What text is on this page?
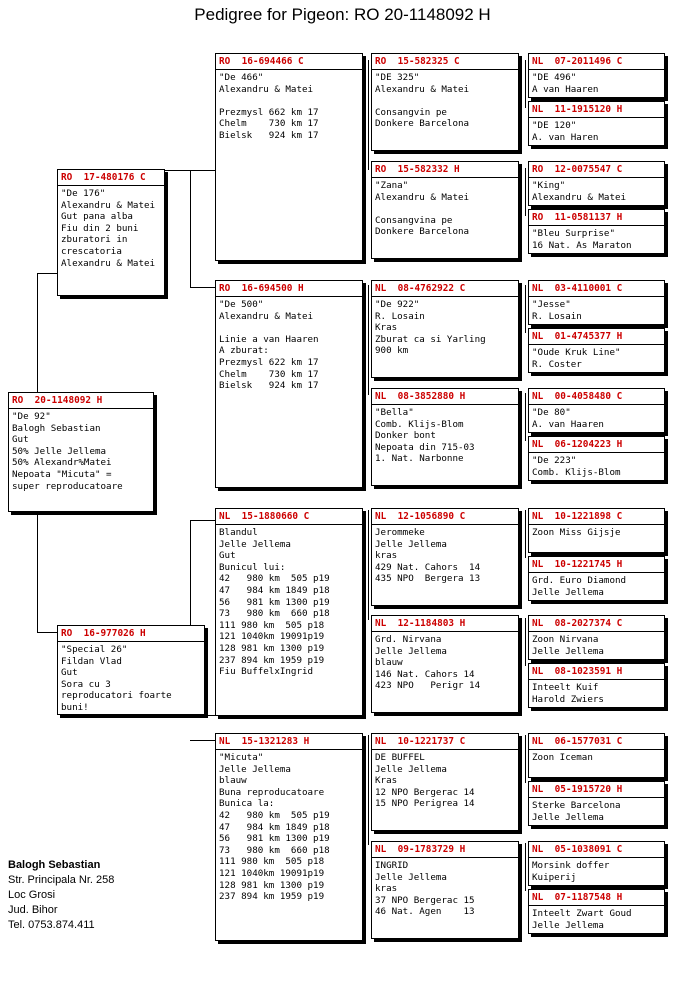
Pedigree for Pigeon: RO 20-1148092 H
RO  20-1148092 H
"De 92"
Balogh Sebastian
Gut
50% Jelle Jellema
50% Alexandr%Matei
Nepoata "Micuta" =
super reproducatoare
RO  17-480176 C
"De 176"
Alexandru & Matei
Gut pana alba
Fiu din 2 buni
zburatori in
crescatoria
Alexandru & Matei
RO  16-977026 H
"Special 26"
Fildan Vlad
Gut
Sora cu 3
reproducatori foarte
buni!
RO  16-694466 C
"De 466"
Alexandru & Matei

Prezmysl 662 km 17
Chelm    730 km 17
Bielsk   924 km 17
RO  16-694500 H
"De 500"
Alexandru & Matei

Linie a van Haaren
A zburat:
Prezmysl 622 km 17
Chelm    730 km 17
Bielsk   924 km 17
NL  15-1880660 C
Blandul
Jelle Jellema
Gut
Bunicul lui:
42   980 km  505 p19
47   984 km 1849 p18
56   981 km 1300 p19
73   980 km  660 p18
111 980 km  505 p18
121 1040km 19091p19
128 981 km 1300 p19
237 894 km 1959 p19
Fiu BuffelxIngrid
NL  15-1321283 H
"Micuta"
Jelle Jellema
blauw
Buna reproducatoare
Bunica la:
42   980 km  505 p19
47   984 km 1849 p18
56   981 km 1300 p19
73   980 km  660 p18
111 980 km  505 p18
121 1040km 19091p19
128 981 km 1300 p19
237 894 km 1959 p19
RO  15-582325 C
"DE 325"
Alexandru & Matei

Consangvin pe
Donkere Barcelona
RO  15-582332 H
"Zana"
Alexandru & Matei

Consangvina pe
Donkere Barcelona
NL  08-4762922 C
"De 922"
R. Losain
Kras
Zburat ca si Yarling
900 km
NL  08-3852880 H
"Bella"
Comb. Klijs-Blom
Donker bont
Nepoata din 715-03
1. Nat. Narbonne
NL  12-1056890 C
Jerommeke
Jelle Jellema
kras
429 Nat. Cahors  14
435 NPO  Bergera 13
NL  12-1184803 H
Grd. Nirvana
Jelle Jellema
blauw
146 Nat. Cahors 14
423 NPO   Perigr 14
NL  10-1221737 C
DE BUFFEL
Jelle Jellema
Kras
12 NPO Bergerac 14
15 NPO Perigrea 14
NL  09-1783729 H
INGRID
Jelle Jellema
kras
37 NPO Bergerac 15
46 Nat. Agen    13
NL  07-2011496 C
"DE 496"
A van Haaren
NL  11-1915120 H
"DE 120"
A. van Haren
RO  12-0075547 C
"King"
Alexandru & Matei
RO  11-0581137 H
"Bleu Surprise"
16 Nat. As Maraton
NL  03-4110001 C
"Jesse"
R. Losain
NL  01-4745377 H
"Oude Kruk Line"
R. Coster
NL  00-4058480 C
"De 80"
A. van Haaren
NL  06-1204223 H
"De 223"
Comb. Klijs-Blom
NL  10-1221898 C
Zoon Miss Gijsje
NL  10-1221745 H
Grd. Euro Diamond
Jelle Jellema
NL  08-2027374 C
Zoon Nirvana
Jelle Jellema
NL  08-1023591 H
Inteelt Kuif
Harold Zwiers
NL  06-1577031 C
Zoon Iceman
NL  05-1915720 H
Sterke Barcelona
Jelle Jellema
NL  05-1038091 C
Morsink doffer
Kuiperij
NL  07-1187548 H
Inteelt Zwart Goud
Jelle Jellema
Balogh Sebastian
Str. Principala Nr. 258
Loc Grosi
Jud. Bihor
Tel. 0753.874.411
